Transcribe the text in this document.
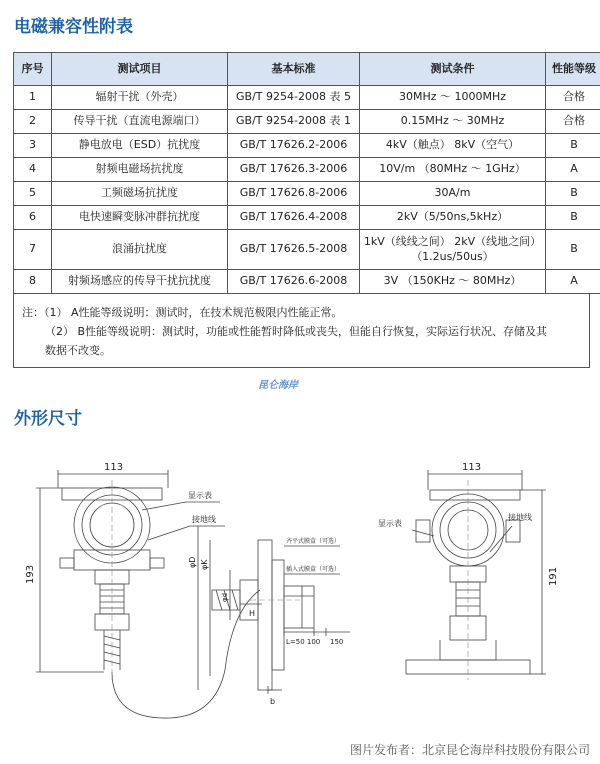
电磁兼容性附表
序号	测试项目	基本标准	测试条件	性能等级
1	辐射干扰（外壳）	GB/T 9254-2008 表 5	30MHz ～ 1000MHz	合格
2	传导干扰（直流电源端口）	GB/T 9254-2008 表 1	0.15MHz ～ 30MHz	合格
3	静电放电（ESD）抗扰度	GB/T 17626.2-2006	4kV（触点） 8kV（空气）	B
4	射频电磁场抗扰度	GB/T 17626.3-2006	10V/m （80MHz ～ 1GHz）	A
5	工频磁场抗扰度	GB/T 17626.8-2006	30A/m	B
6	电快速瞬变脉冲群抗扰度	GB/T 17626.4-2008	2kV（5/50ns,5kHz）	B
7	浪涌抗扰度	GB/T 17626.5-2008	1kV（线线之间） 2kV（线地之间）（1.2us/50us）	B
8	射频场感应的传导干扰抗扰度	GB/T 17626.6-2008	3V （150KHz ～ 80MHz）	A
注：（1） A性能等级说明：测试时，在技术规范极限内性能正常。
（2） B性能等级说明：测试时，功能或性能暂时降低或丧失，但能自行恢复，实际运行状况、存储及其
数据不改变。
昆仑海岸
外形尺寸
113
193
显示表
接地线
φD φK
φd
H
b
齐平式膜盒（可选）
插入式膜盒（可选）
L=50 100 150
113
191
显示表
接地线
图片发布者：北京昆仑海岸科技股份有限公司
